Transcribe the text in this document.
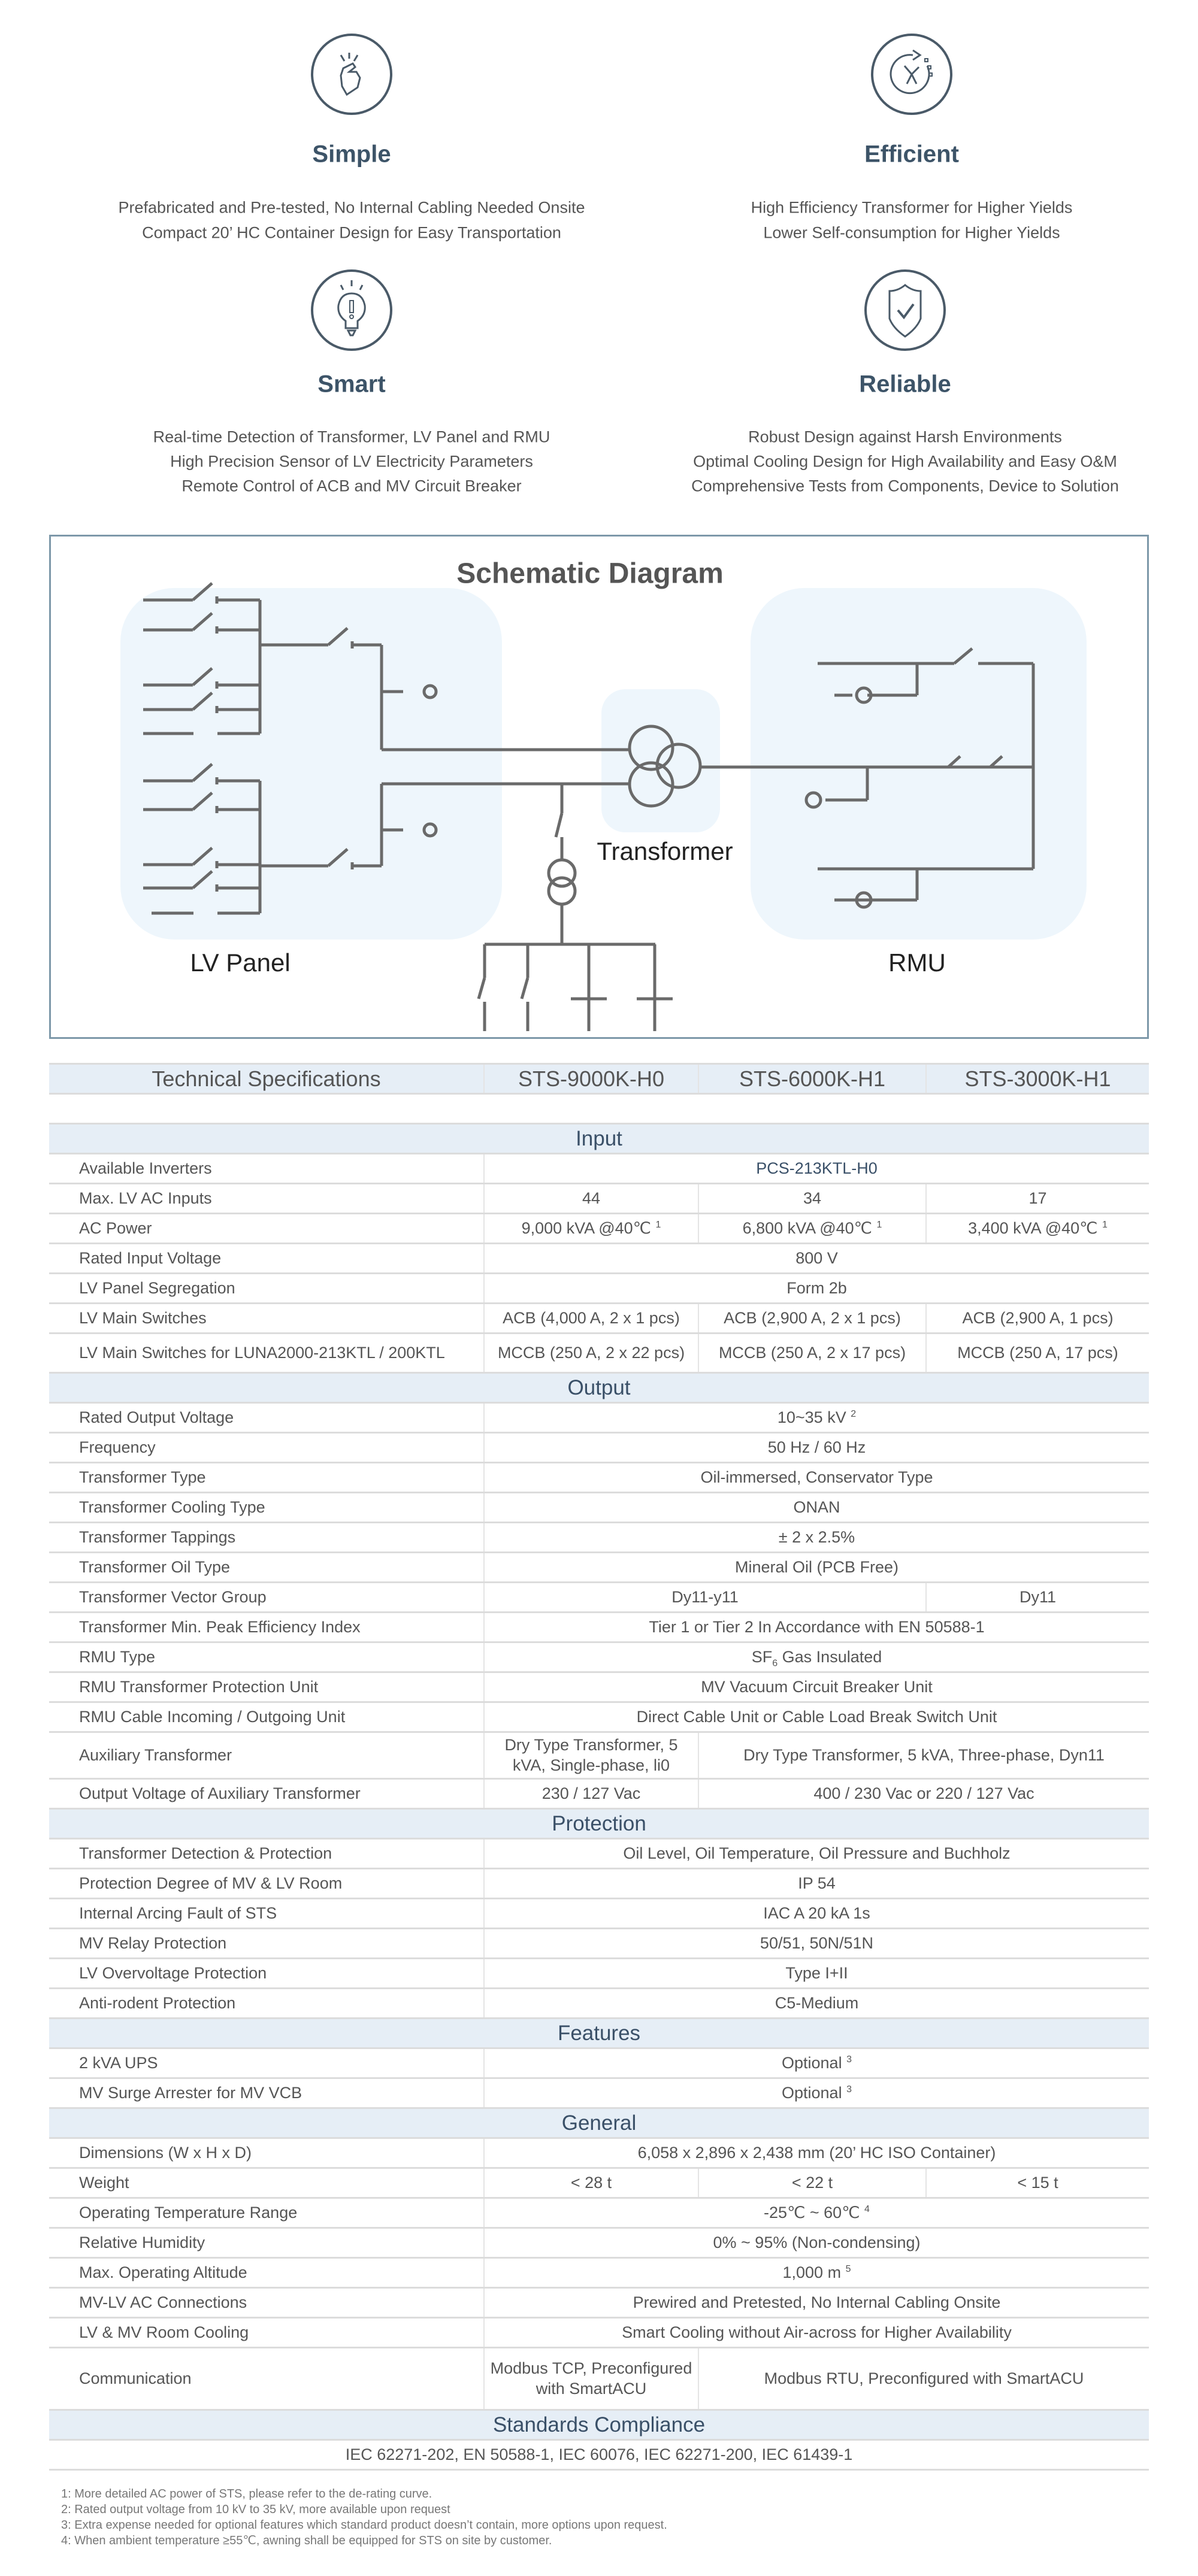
Simple
Prefabricated and Pre-tested, No Internal Cabling Needed Onsite
Compact 20’ HC Container Design for Easy Transportation
Efficient
High Efficiency Transformer for Higher Yields
Lower Self-consumption for Higher Yields
Smart
Real-time Detection of Transformer, LV Panel and RMU
High Precision Sensor of LV Electricity Parameters
Remote Control of ACB and MV Circuit Breaker
Reliable
Robust Design against Harsh Environments
Optimal Cooling Design for High Availability and Easy O&M
Comprehensive Tests from Components, Device to Solution
Schematic Diagram
LV Panel
Transformer
RMU
Technical Specifications	STS-9000K-H0	STS-6000K-H1	STS-3000K-H1

Input			
Available Inverters	PCS-213KTL-H0		
Max. LV AC Inputs	44	34	17
AC Power	9,000 kVA @40℃ $^1$	6,800 kVA @40℃ $^1$	3,400 kVA @40℃ $^1$
Rated Input Voltage	800 V		
LV Panel Segregation	Form 2b		
LV Main Switches	ACB (4,000 A, 2 x 1 pcs)	ACB (2,900 A, 2 x 1 pcs)	ACB (2,900 A, 1 pcs)
LV Main Switches for LUNA2000-213KTL / 200KTL	MCCB (250 A, 2 x 22 pcs)	MCCB (250 A, 2 x 17 pcs)	MCCB (250 A, 17 pcs)
Output			
Rated Output Voltage	10~35 kV $^2$
Frequency	50 Hz / 60 Hz		
Transformer Type	Oil-immersed, Conservator Type		
Transformer Cooling Type	ONAN		
Transformer Tappings	± 2 x 2.5%		
Transformer Oil Type	Mineral Oil (PCB Free)		
Transformer Vector Group	Dy11-y11		Dy11
Transformer Min. Peak Efficiency Index	Tier 1 or Tier 2 In Accordance with EN 50588-1		
RMU Type	$SF_6$ Gas Insulated		
RMU Transformer Protection Unit	MV Vacuum Circuit Breaker Unit		
RMU Cable Incoming / Outgoing Unit	Direct Cable Unit or Cable Load Break Switch Unit		
Auxiliary Transformer	Dry Type Transformer, 5 kVA, Single-phase, li0	Dry Type Transformer, 5 kVA, Three-phase, Dyn11	
Output Voltage of Auxiliary Transformer	230 / 127 Vac	400 / 230 Vac or 220 / 127 Vac	
Protection			
Transformer Detection & Protection	Oil Level, Oil Temperature, Oil Pressure and Buchholz		
Protection Degree of MV & LV Room	IP 54		
Internal Arcing Fault of STS	IAC A 20 kA 1s		
MV Relay Protection	50/51, 50N/51N		
LV Overvoltage Protection	Type I+II		
Anti-rodent Protection	C5-Medium		
Features			
2 kVA UPS	Optional $^3$
MV Surge Arrester for MV VCB	Optional $^3$
General			
Dimensions (W x H x D)	6,058 x 2,896 x 2,438 mm (20’ HC ISO Container)		
Weight	< 28 t	< 22 t	< 15 t
Operating Temperature Range	-25℃ ~ 60℃ $^4$
Relative Humidity	0% ~ 95% (Non-condensing)		
Max. Operating Altitude	1,000 m $^5$
MV-LV AC Connections	Prewired and Pretested, No Internal Cabling Onsite		
LV & MV Room Cooling	Smart Cooling without Air-across for Higher Availability		
Communication	Modbus TCP, Preconfigured with SmartACU	Modbus RTU, Preconfigured with SmartACU	
Standards Compliance			
IEC 62271-202, EN 50588-1, IEC 60076, IEC 62271-200, IEC 61439-1			
1: More detailed AC power of STS, please refer to the de-rating curve.
2: Rated output voltage from 10 kV to 35 kV, more available upon request
3: Extra expense needed for optional features which standard product doesn’t contain, more options upon request.
4: When ambient temperature ≥55℃, awning shall be equipped for STS on site by customer.
